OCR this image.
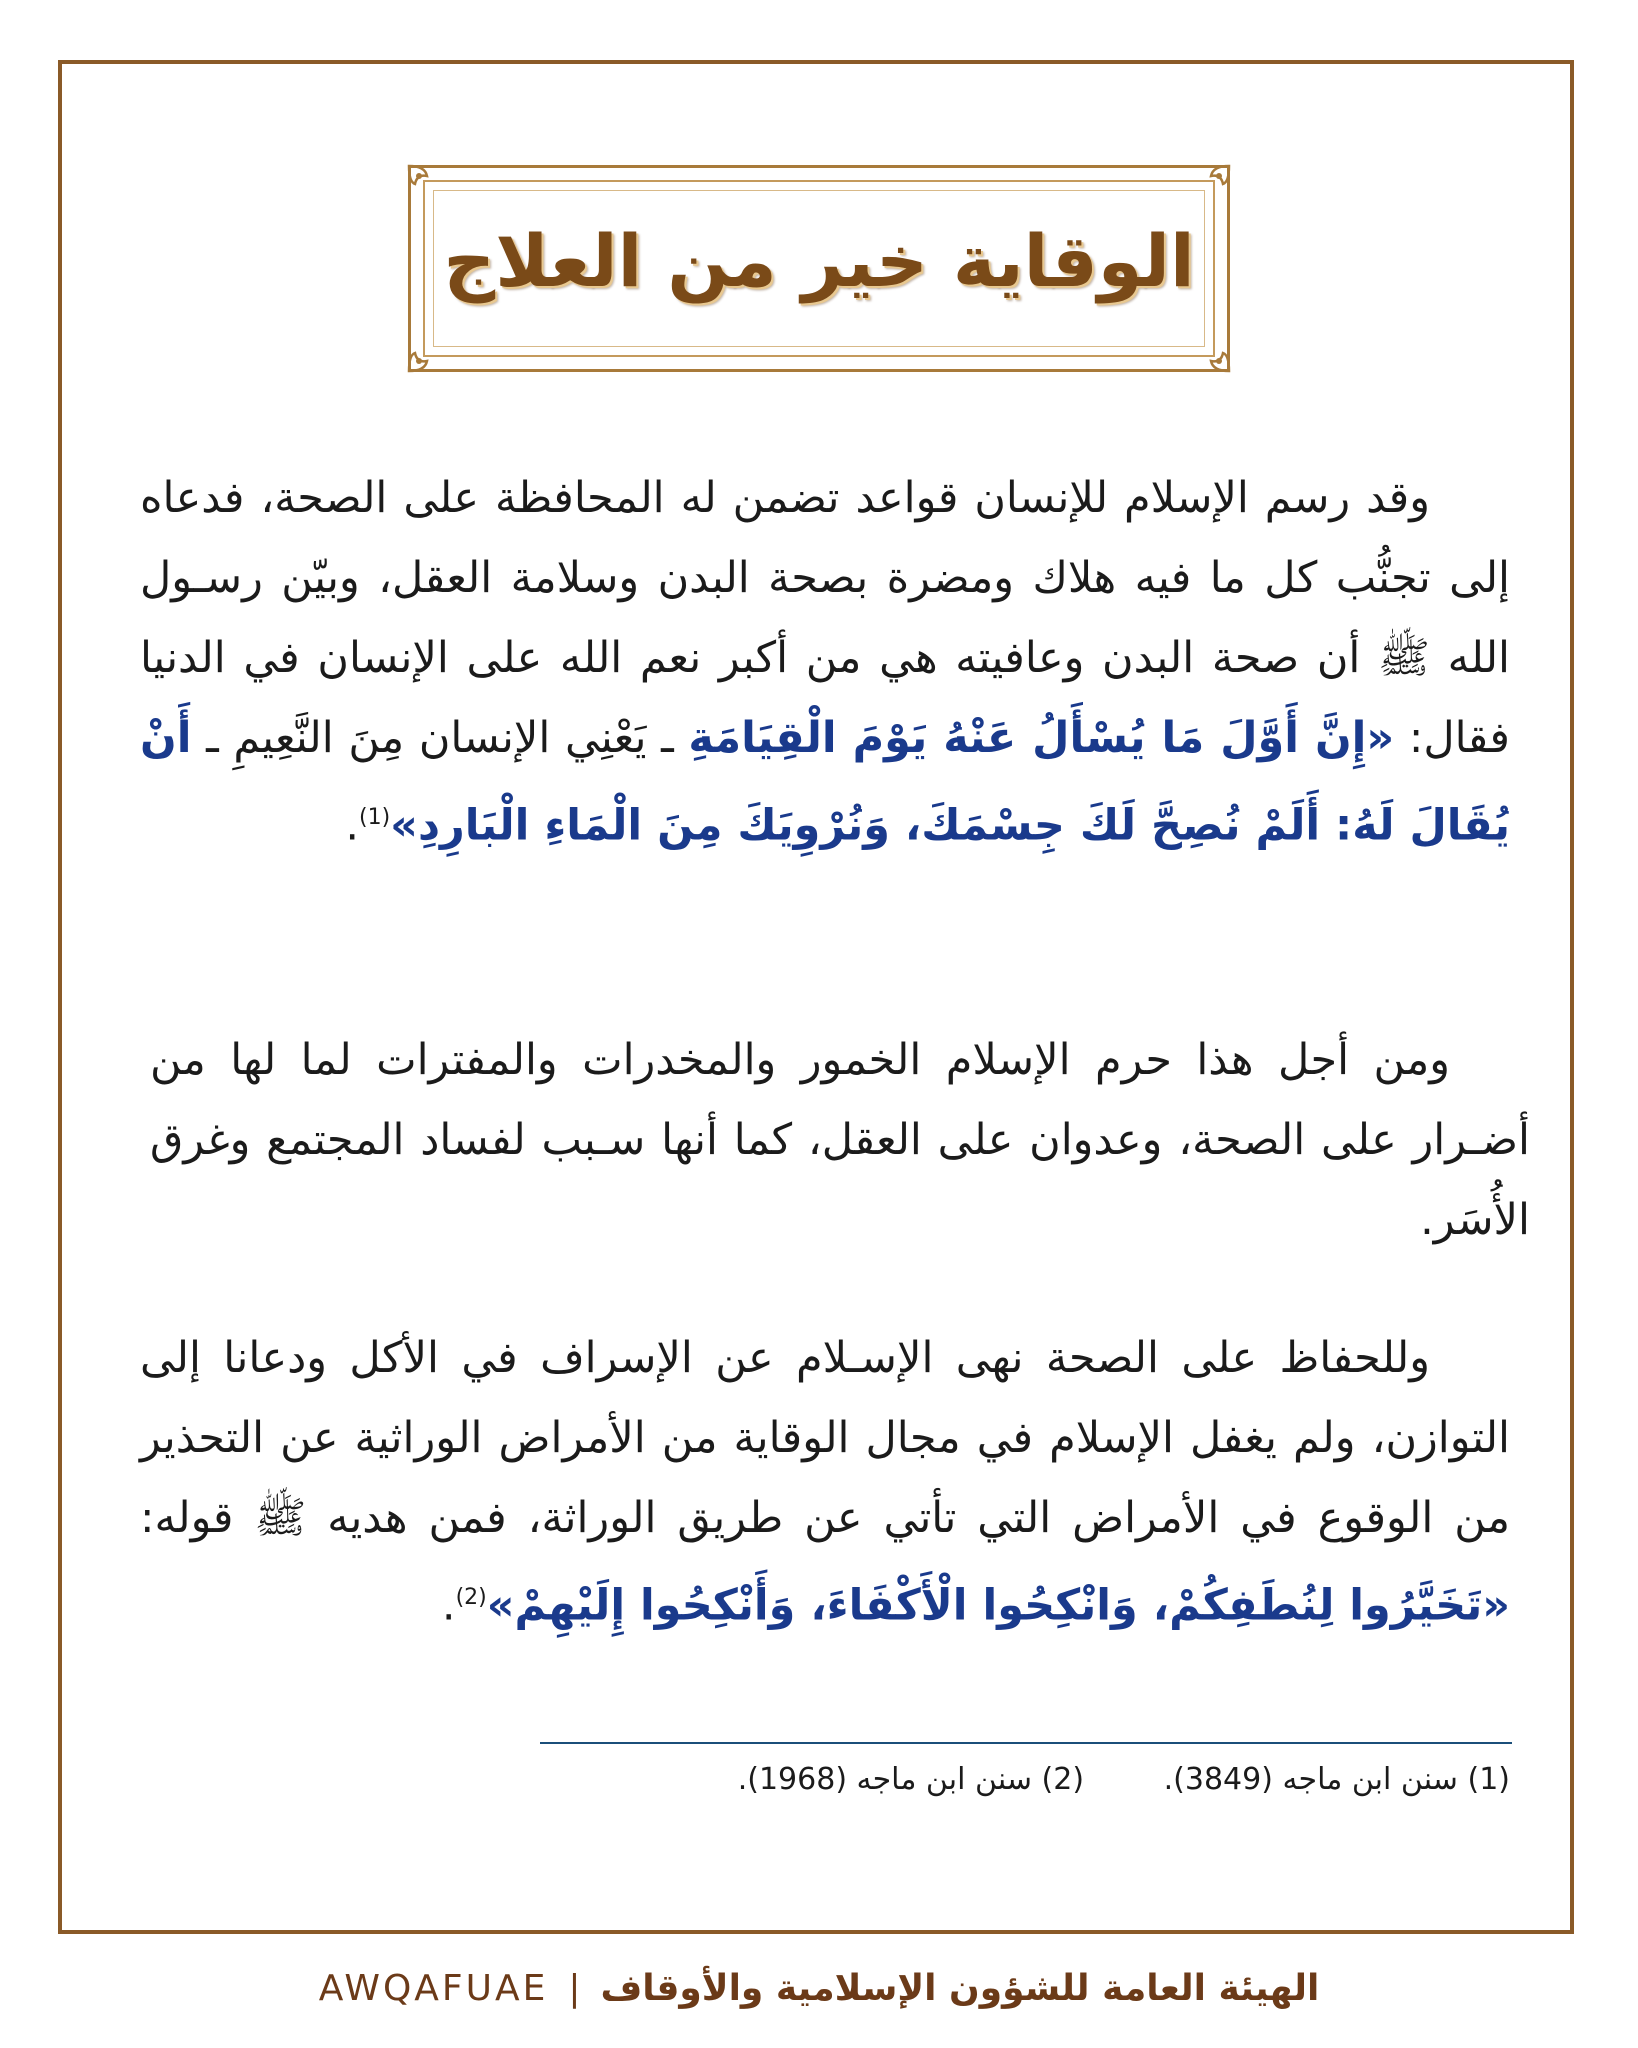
الوقاية خير من العلاج

وقد رسم الإسلام للإنسان قواعد تضمن له المحافظة على الصحة، فدعاه إلى تجنُّب كل ما فيه هلاك ومضرة بصحة البدن وسلامة العقل، وبيّن رسـول الله ﷺ أن صحة البدن وعافيته هي من أكبر نعم الله على الإنسان في الدنيا فقال: «إِنَّ أَوَّلَ مَا يُسْأَلُ عَنْهُ يَوْمَ الْقِيَامَةِ ـ يَعْنِي الإنسان مِنَ النَّعِيمِ ـ أَنْ يُقَالَ لَهُ: أَلَمْ نُصِحَّ لَكَ جِسْمَكَ، وَنُرْوِيَكَ مِنَ الْمَاءِ الْبَارِدِ»$^{(1)}$.

ومن أجل هذا حرم الإسلام الخمور والمخدرات والمفترات لما لها من أضـرار على الصحة، وعدوان على العقل، كما أنها سـبب لفساد المجتمع وغرق الأُسَر.

وللحفاظ على الصحة نهى الإسـلام عن الإسراف في الأكل ودعانا إلى التوازن، ولم يغفل الإسلام في مجال الوقاية من الأمراض الوراثية عن التحذير من الوقوع في الأمراض التي تأتي عن طريق الوراثة، فمن هديه ﷺ قوله: «تَخَيَّرُوا لِنُطَفِكُمْ، وَانْكِحُوا الْأَكْفَاءَ، وَأَنْكِحُوا إِلَيْهِمْ»$^{(2)}$.

(1) سنن ابن ماجه (3849). (2) سنن ابن ماجه (1968).
AWQAFUAE | الهيئة العامة للشؤون الإسلامية والأوقاف
